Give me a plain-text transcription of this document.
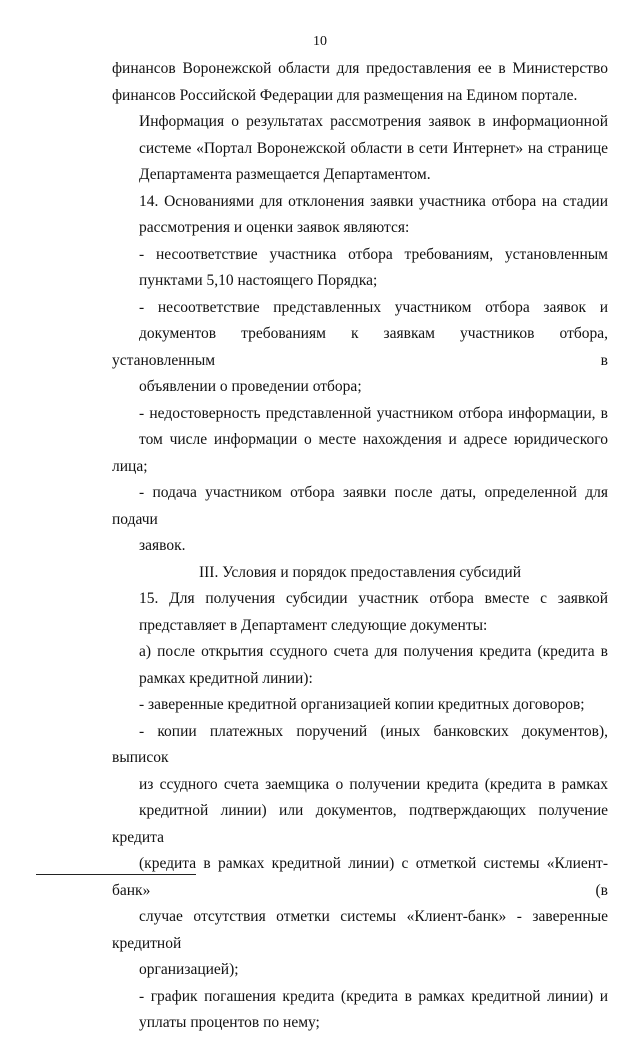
10

финансов Воронежской области для предоставления ее в Министерство
финансов Российской Федерации для размещения на Едином портале.

Информация о результатах рассмотрения заявок в информационной
системе «Портал Воронежской области в сети Интернет» на странице
Департамента размещается Департаментом.

14. Основаниями для отклонения заявки участника отбора на стадии
рассмотрения и оценки заявок являются:

- несоответствие участника отбора требованиям, установленным
пунктами 5,10 настоящего Порядка;

- несоответствие представленных участником отбора заявок и
документов требованиям к заявкам участников отбора, установленным в
объявлении о проведении отбора;

- недостоверность представленной участником отбора информации, в
том числе информации о месте нахождения и адресе юридического лица;

- подача участником отбора заявки после даты, определенной для подачи
заявок.

III. Условия и порядок предоставления субсидий

15. Для получения субсидии участник отбора вместе с заявкой
представляет в Департамент следующие документы:

а) после открытия ссудного счета для получения кредита (кредита в
рамках кредитной линии):

- заверенные кредитной организацией копии кредитных договоров;

- копии платежных поручений (иных банковских документов), выписок
из ссудного счета заемщика о получении кредита (кредита в рамках
кредитной линии) или документов, подтверждающих получение кредита
(кредита в рамках кредитной линии) с отметкой системы «Клиент-банк» (в
случае отсутствия отметки системы «Клиент-банк» - заверенные кредитной
организацией);

- график погашения кредита (кредита в рамках кредитной линии) и
уплаты процентов по нему;
